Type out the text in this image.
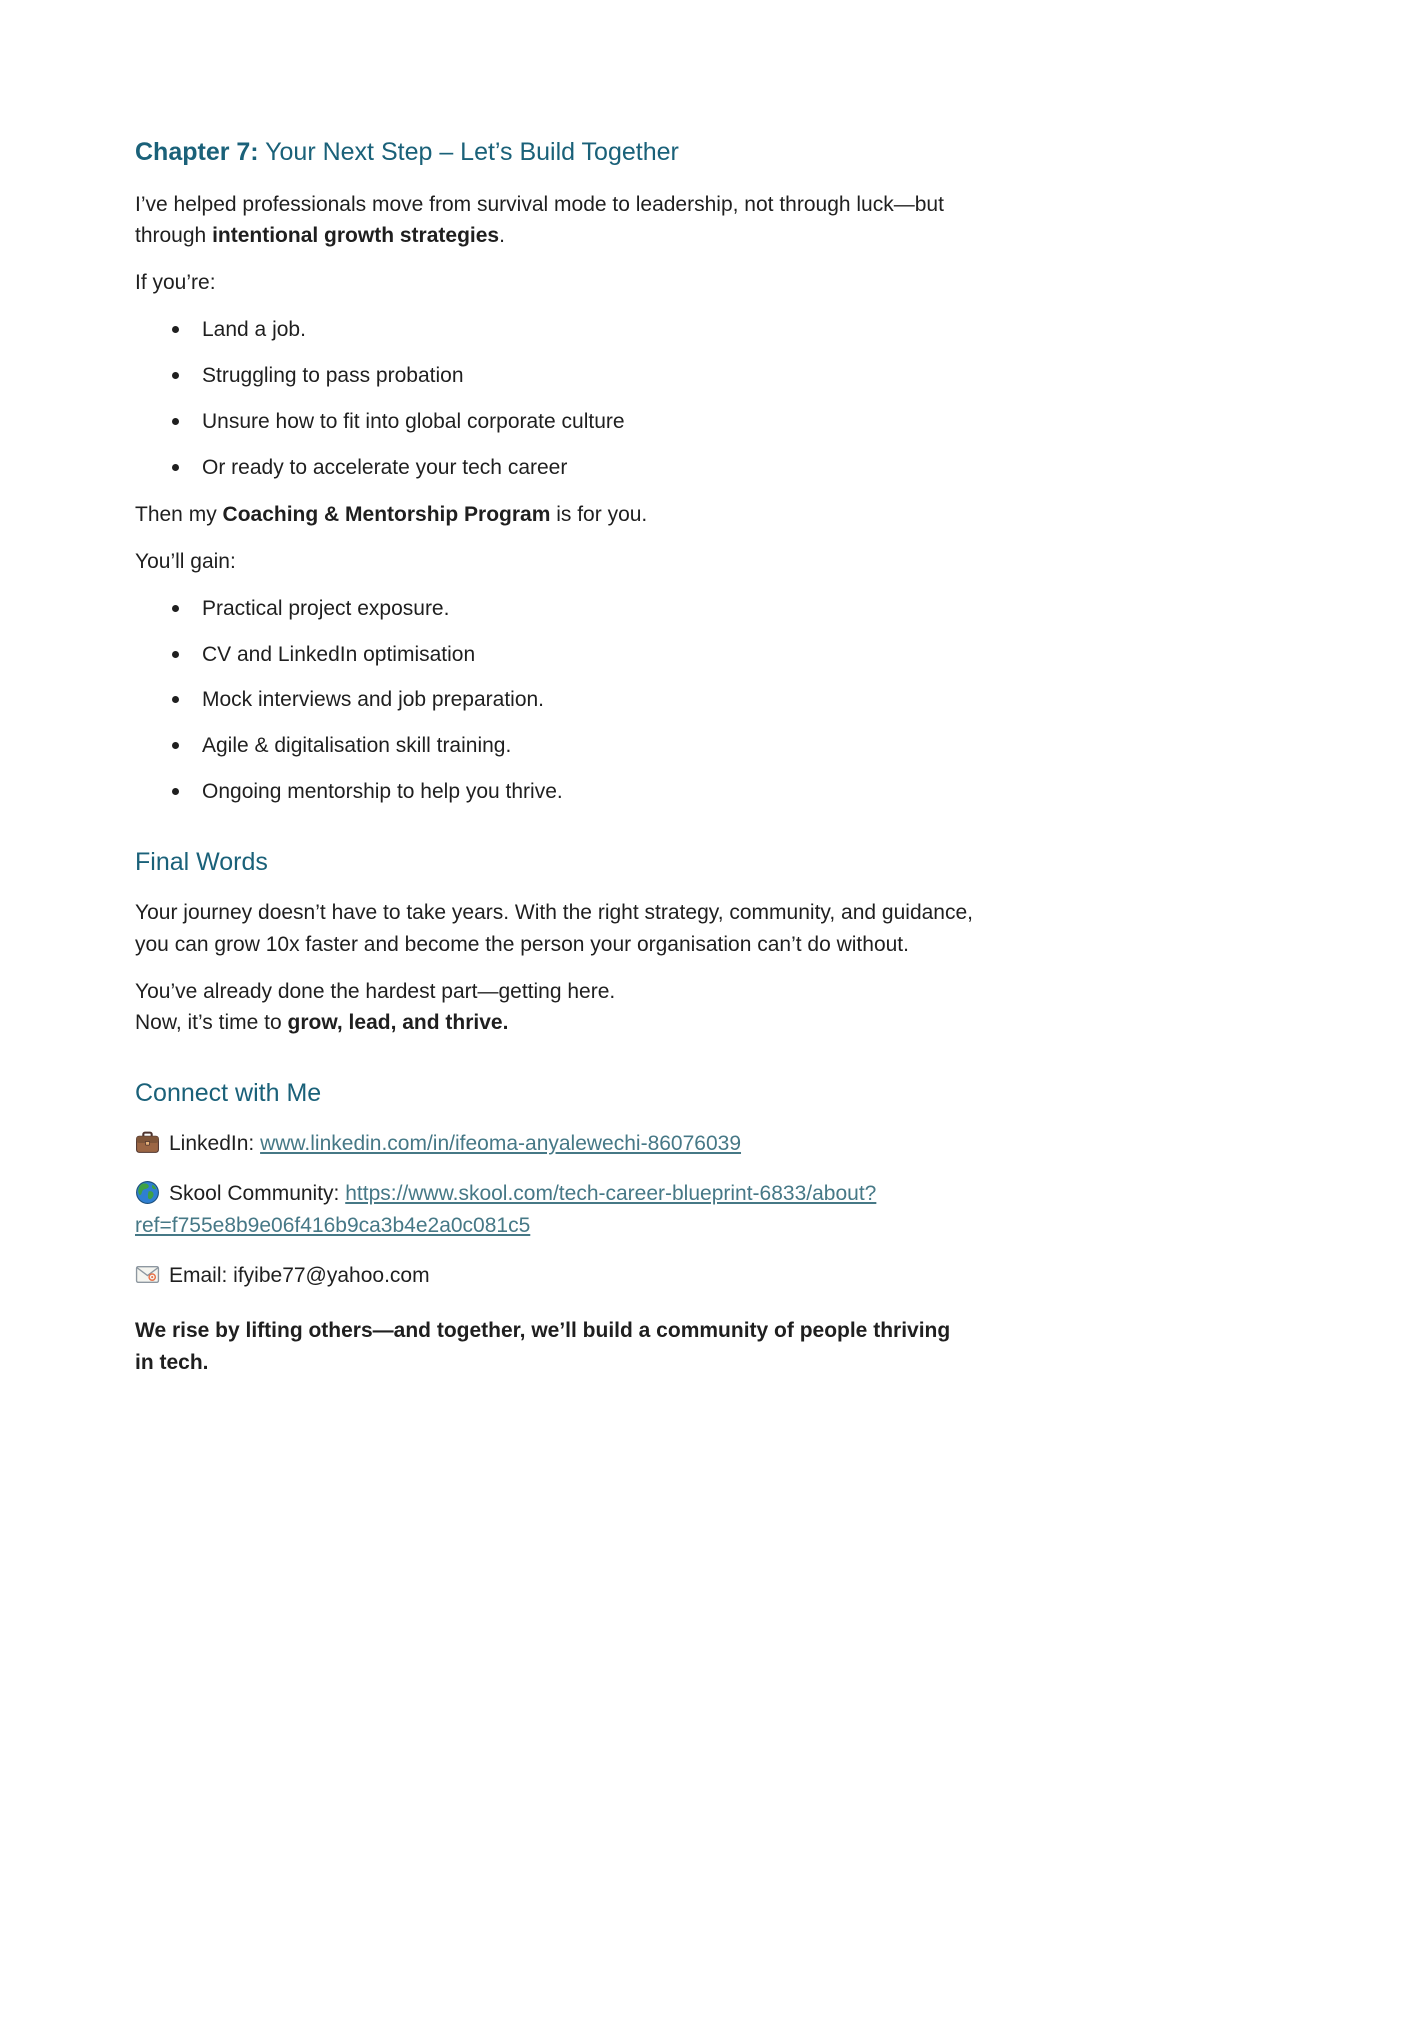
Chapter 7: Your Next Step – Let’s Build Together

I’ve helped professionals move from survival mode to leadership, not through luck—but through intentional growth strategies.

If you’re:

Land a job.
Struggling to pass probation
Unsure how to fit into global corporate culture
Or ready to accelerate your tech career

Then my Coaching & Mentorship Program is for you.

You’ll gain:

Practical project exposure.
CV and LinkedIn optimisation
Mock interviews and job preparation.
Agile & digitalisation skill training.
Ongoing mentorship to help you thrive.
Final Words

Your journey doesn’t have to take years. With the right strategy, community, and guidance, you can grow 10x faster and become the person your organisation can’t do without.

You’ve already done the hardest part—getting here.
Now, it’s time to grow, lead, and thrive.

Connect with Me
LinkedIn: www.linkedin.com/in/ifeoma-anyalewechi-86076039
Skool Community: https://www.skool.com/tech-career-blueprint-6833/about?ref=f755e8b9e06f416b9ca3b4e2a0c081c5
Email: ifyibe77@yahoo.com

We rise by lifting others—and together, we’ll build a community of people thriving in tech.
